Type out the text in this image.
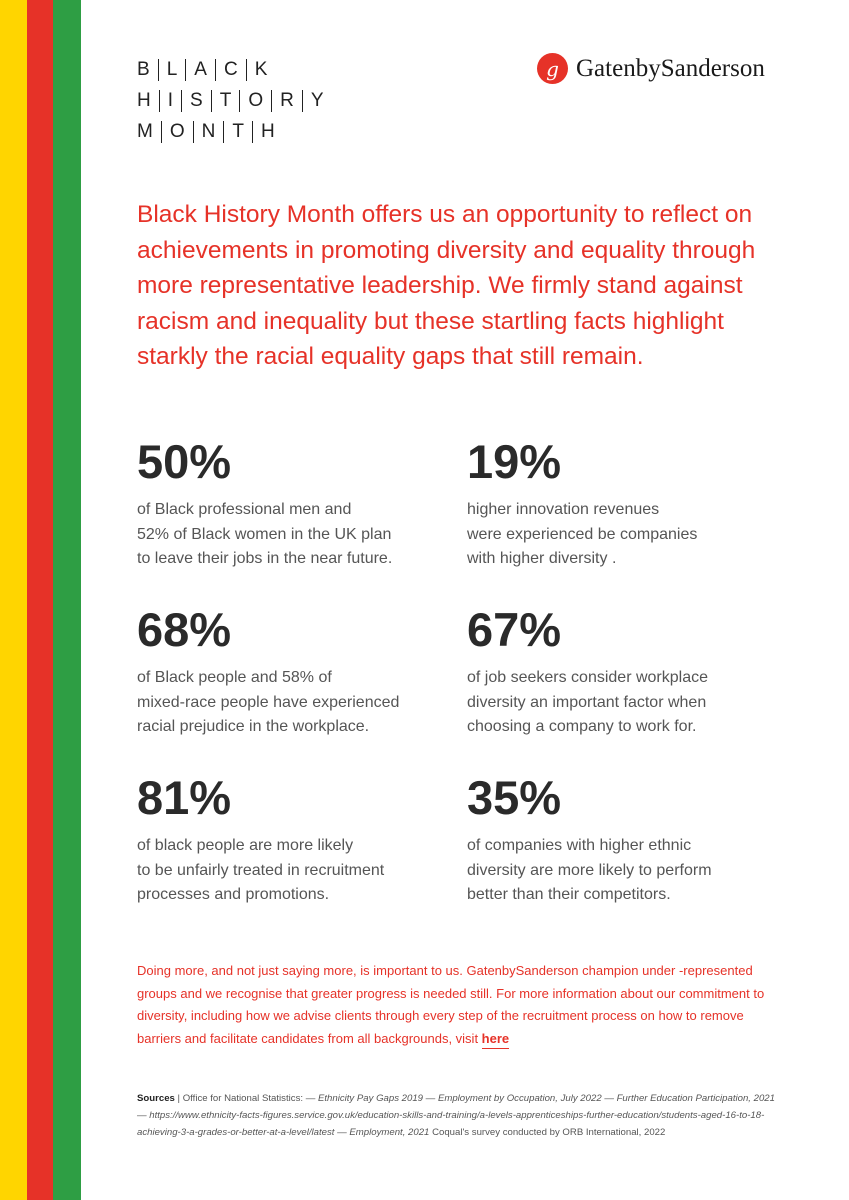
B L A C K
H I S T O R Y
M O N T H
g GatenbySanderson
Black History Month offers us an opportunity to reflect on achievements in promoting diversity and equality through more representative leadership. We firmly stand against racism and inequality but these startling facts highlight starkly the racial equality gaps that still remain.
50%
of Black professional men and
52% of Black women in the UK plan
to leave their jobs in the near future.
19%
higher innovation revenues
were experienced be companies
with higher diversity .
68%
of Black people and 58% of
mixed-race people have experienced
racial prejudice in the workplace.
67%
of job seekers consider workplace
diversity an important factor when
choosing a company to work for.
81%
of black people are more likely
to be unfairly treated in recruitment
processes and promotions.
35%
of companies with higher ethnic
diversity are more likely to perform
better than their competitors.
Doing more, and not just saying more, is important to us. GatenbySanderson champion under -represented groups and we recognise that greater progress is needed still. For more information about our commitment to diversity, including how we advise clients through every step of the recruitment process on how to remove barriers and facilitate candidates from all backgrounds, visit here
Sources | Office for National Statistics: — Ethnicity Pay Gaps 2019 — Employment by Occupation, July 2022 — Further Education Participation, 2021 — https://www.ethnicity-facts-figures.service.gov.uk/education-skills-and-training/a-levels-apprenticeships-further-education/students-aged-16-to-18-achieving-3-a-grades-or-better-at-a-level/latest — Employment, 2021 Coqual's survey conducted by ORB International, 2022
